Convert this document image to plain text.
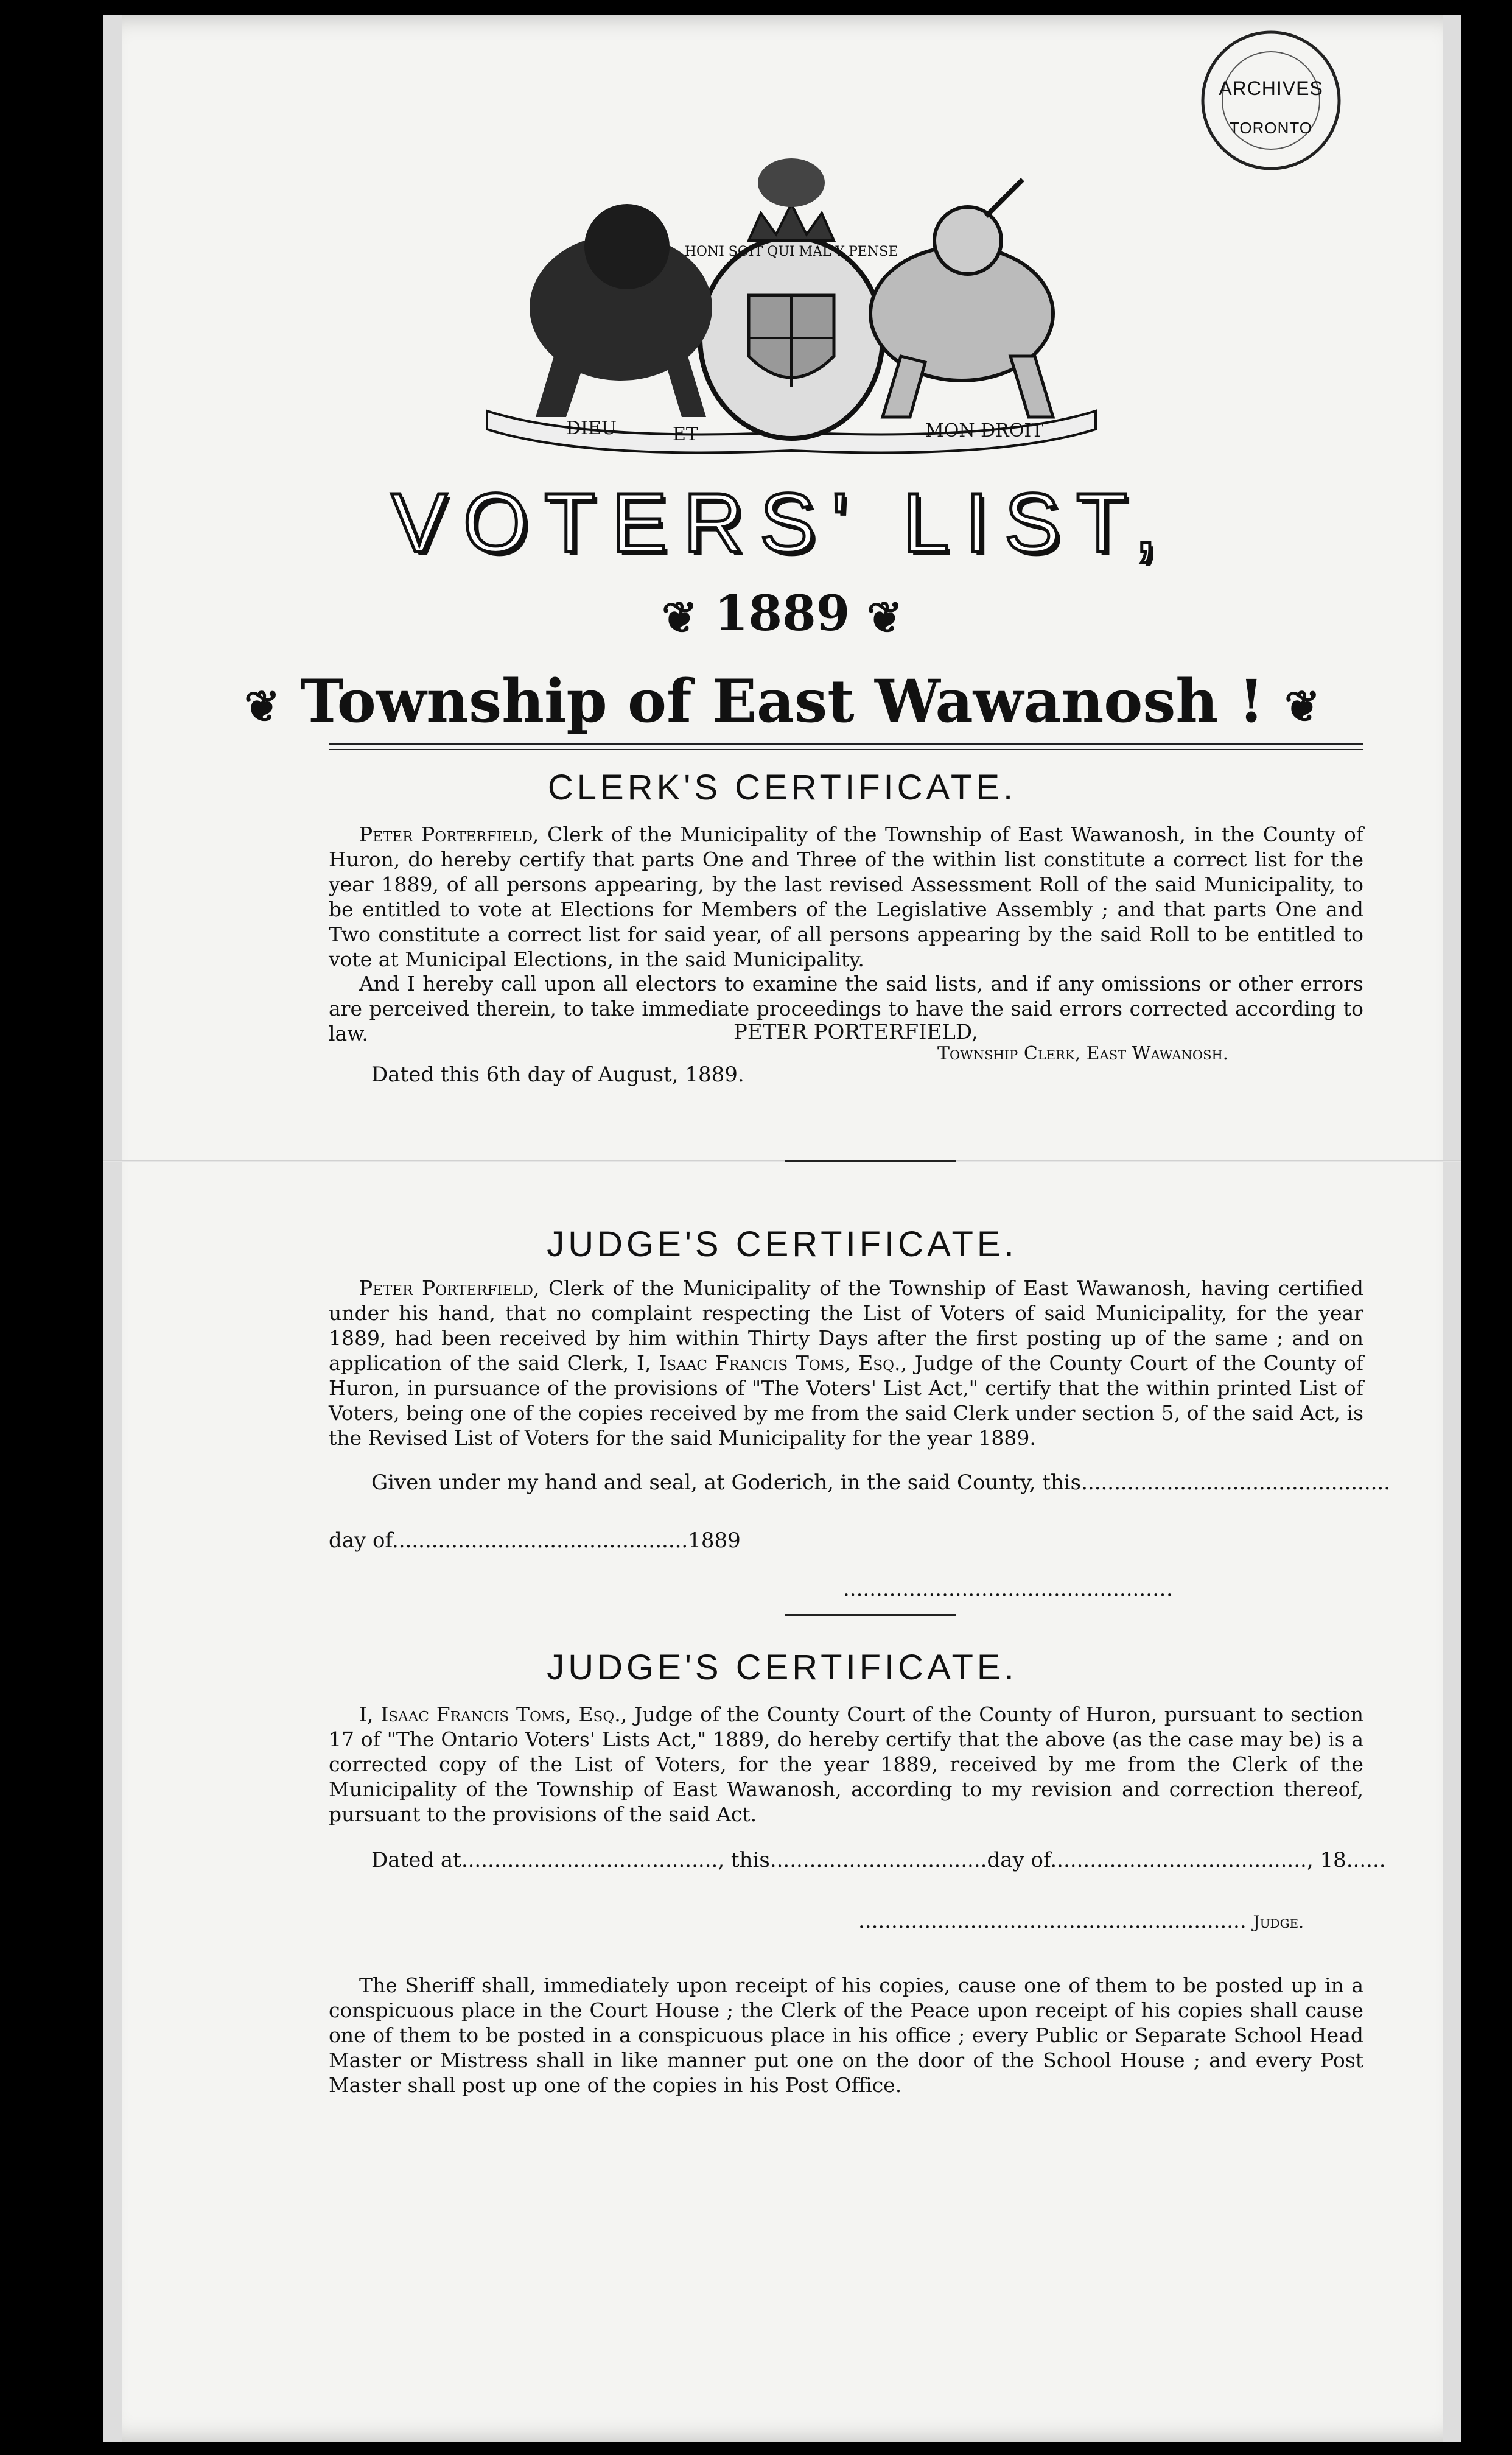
ARCHIVES
TORONTO
HONI SOIT QUI MAL Y PENSE
DIEU	ET	MON DROIT
VOTERS' LIST,
❦ 1889 ❦
❦ Township of East Wawanosh ! ❦
CLERK'S CERTIFICATE.
Peter Porterfield, Clerk of the Municipality of the Township of East Wawanosh, in the County of Huron, do hereby certify that parts One and Three of the within list constitute a correct list for the year 1889, of all persons appearing, by the last revised Assessment Roll of the said Municipality, to be entitled to vote at Elections for Members of the Legislative Assembly ; and that parts One and Two constitute a correct list for said year, of all persons appearing by the said Roll to be entitled to vote at Municipal Elections, in the said Municipality.
And I hereby call upon all electors to examine the said lists, and if any omissions or other errors are perceived therein, to take immediate proceedings to have the said errors corrected according to law.	PETER PORTERFIELD,
Township Clerk, East Wawanosh.
Dated this 6th day of August, 1889.
JUDGE'S CERTIFICATE.
Peter Porterfield, Clerk of the Municipality of the Township of East Wawanosh, having certified under his hand, that no complaint respecting the List of Voters of said Municipality, for the year 1889, had been received by him within Thirty Days after the first posting up of the same ; and on application of the said Clerk, I, Isaac Francis Toms, Esq., Judge of the County Court of the County of Huron, in pursuance of the provisions of "The Voters' List Act," certify that the within printed List of Voters, being one of the copies received by me from the said Clerk under section 5, of the said Act, is the Revised List of Voters for the said Municipality for the year 1889.
Given under my hand and seal, at Goderich, in the said County, this...............................................
day of.............................................1889
...............................................…
JUDGE'S CERTIFICATE.
I, Isaac Francis Toms, Esq., Judge of the County Court of the County of Huron, pursuant to section 17 of "The Ontario Voters' Lists Act," 1889, do hereby certify that the above (as the case may be) is a corrected copy of the List of Voters, for the year 1889, received by me from the Clerk of the Municipality of the Township of East Wawanosh, according to my revision and correction thereof, pursuant to the provisions of the said Act.
Dated at......................................., this.................................day of......................................., 18......
........................................................... Judge.
The Sheriff shall, immediately upon receipt of his copies, cause one of them to be posted up in a conspicuous place in the Court House ; the Clerk of the Peace upon receipt of his copies shall cause one of them to be posted in a conspicuous place in his office ; every Public or Separate School Head Master or Mistress shall in like manner put one on the door of the School House ; and every Post Master shall post up one of the copies in his Post Office.
